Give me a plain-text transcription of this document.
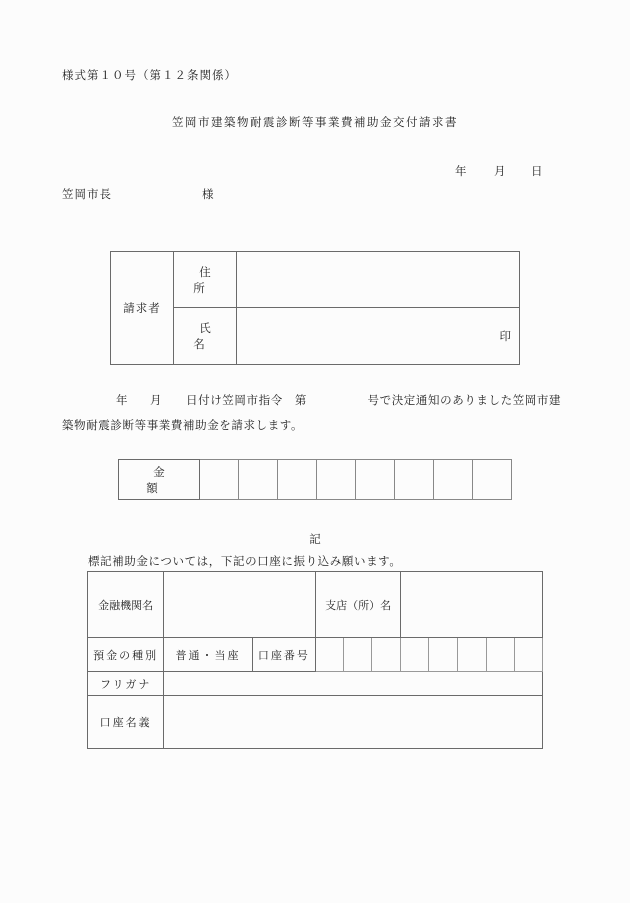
様式第１０号（第１２条関係）
笠岡市建築物耐震診断等事業費補助金交付請求書
年 月 日
笠岡市長	様
請求者	住　所	
	氏　名	印
年 月 日付け笠岡市指令　第　　　　　号で決定通知のありました笠岡市建
築物耐震診断等事業費補助金を請求します。
金　額								
記
標記補助金については，下記の口座に振り込み願います。
金融機関名			支店（所）名							
預金の種別	普通・当座	口座番号								
フリガナ										
口座名義										
